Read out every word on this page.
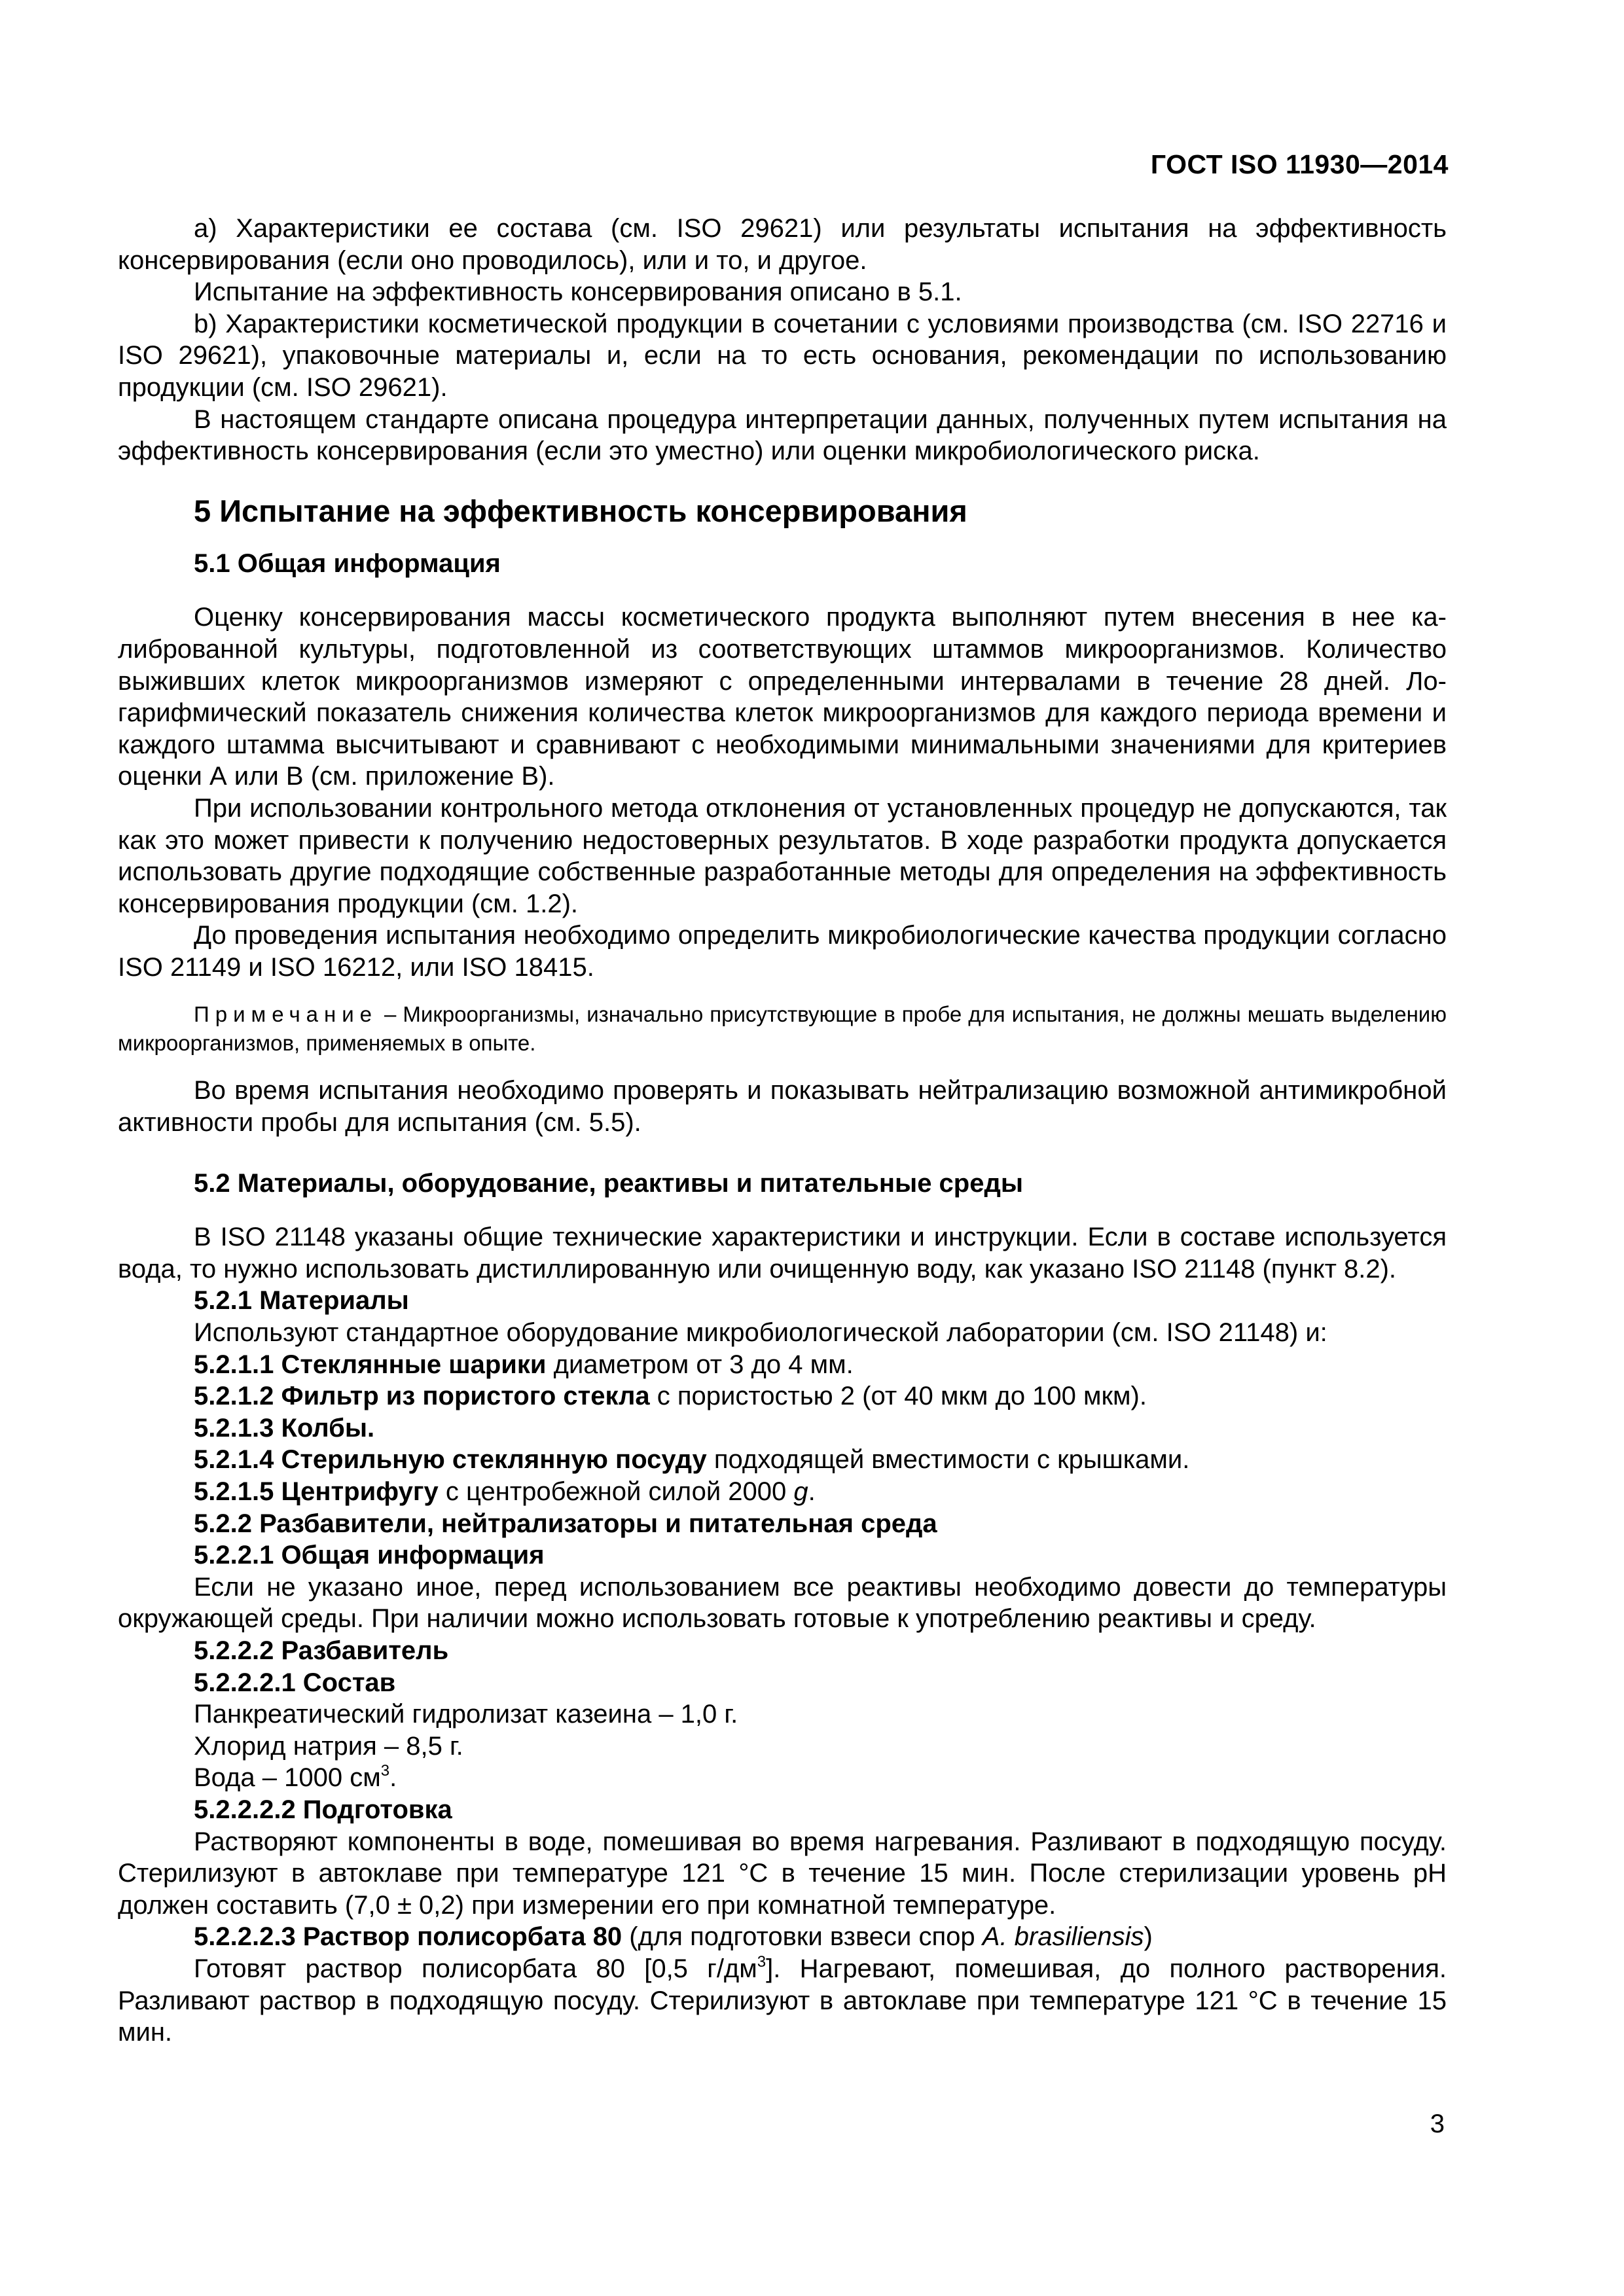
ГОСТ ISO 11930—2014

a) Характеристики ее состава (см. ISO 29621) или результаты испытания на эффективность консервирования (если оно проводилось), или и то, и другое.

Испытание на эффективность консервирования описано в 5.1.

b) Характеристики косметической продукции в сочетании с условиями производства (см. ISO 22716 и ISO 29621), упаковочные материалы и, если на то есть основания, рекомендации по использованию продукции (см. ISO 29621).

В настоящем стандарте описана процедура интерпретации данных, полученных путем испытания на эффективность консервирования (если это уместно) или оценки микробиологического риска.

5 Испытание на эффективность консервирования
5.1 Общая информация

Оценку консервирования массы косметического продукта выполняют путем внесения в нее калиброванной культуры, подготовленной из соответствующих штаммов микроорганизмов. Количество выживших клеток микроорганизмов измеряют с определенными интервалами в течение 28 дней. Логарифмический показатель снижения количества клеток микроорганизмов для каждого периода времени и каждого штамма высчитывают и сравнивают с необходимыми минимальными значениями для критериев оценки А или В (см. приложение В).

При использовании контрольного метода отклонения от установленных процедур не допускаются, так как это может привести к получению недостоверных результатов. В ходе разработки продукта допускается использовать другие подходящие собственные разработанные методы для определения на эффективность консервирования продукции (см. 1.2).

До проведения испытания необходимо определить микробиологические качества продукции согласно ISO 21149 и ISO 16212, или ISO 18415.

Примечание – Микроорганизмы, изначально присутствующие в пробе для испытания, не должны мешать выделению микроорганизмов, применяемых в опыте.

Во время испытания необходимо проверять и показывать нейтрализацию возможной антимикробной активности пробы для испытания (см. 5.5).

5.2 Материалы, оборудование, реактивы и питательные среды

В ISO 21148 указаны общие технические характеристики и инструкции. Если в составе используется вода, то нужно использовать дистиллированную или очищенную воду, как указано ISO 21148 (пункт 8.2).

5.2.1 Материалы

Используют стандартное оборудование микробиологической лаборатории (см. ISO 21148) и:

5.2.1.1 Стеклянные шарики диаметром от 3 до 4 мм.

5.2.1.2 Фильтр из пористого стекла с пористостью 2 (от 40 мкм до 100 мкм).

5.2.1.3 Колбы.

5.2.1.4 Стерильную стеклянную посуду подходящей вместимости с крышками.

5.2.1.5 Центрифугу с центробежной силой 2000 g.

5.2.2 Разбавители, нейтрализаторы и питательная среда

5.2.2.1 Общая информация

Если не указано иное, перед использованием все реактивы необходимо довести до температуры окружающей среды. При наличии можно использовать готовые к употреблению реактивы и среду.

5.2.2.2 Разбавитель

5.2.2.2.1 Состав

Панкреатический гидролизат казеина – 1,0 г.

Хлорид натрия – 8,5 г.

Вода – 1000 $см^3$.

5.2.2.2.2 Подготовка

Растворяют компоненты в воде, помешивая во время нагревания. Разливают в подходящую посуду. Стерилизуют в автоклаве при температуре 121 °С в течение 15 мин. После стерилизации уровень pH должен составить (7,0 ± 0,2) при измерении его при комнатной температуре.

5.2.2.2.3 Раствор полисорбата 80 (для подготовки взвеси спор A. brasiliensis)

Готовят раствор полисорбата 80 [0,5 $г/дм^3$]. Нагревают, помешивая, до полного растворения. Разливают раствор в подходящую посуду. Стерилизуют в автоклаве при температуре 121 °С в течение 15 мин.

3
